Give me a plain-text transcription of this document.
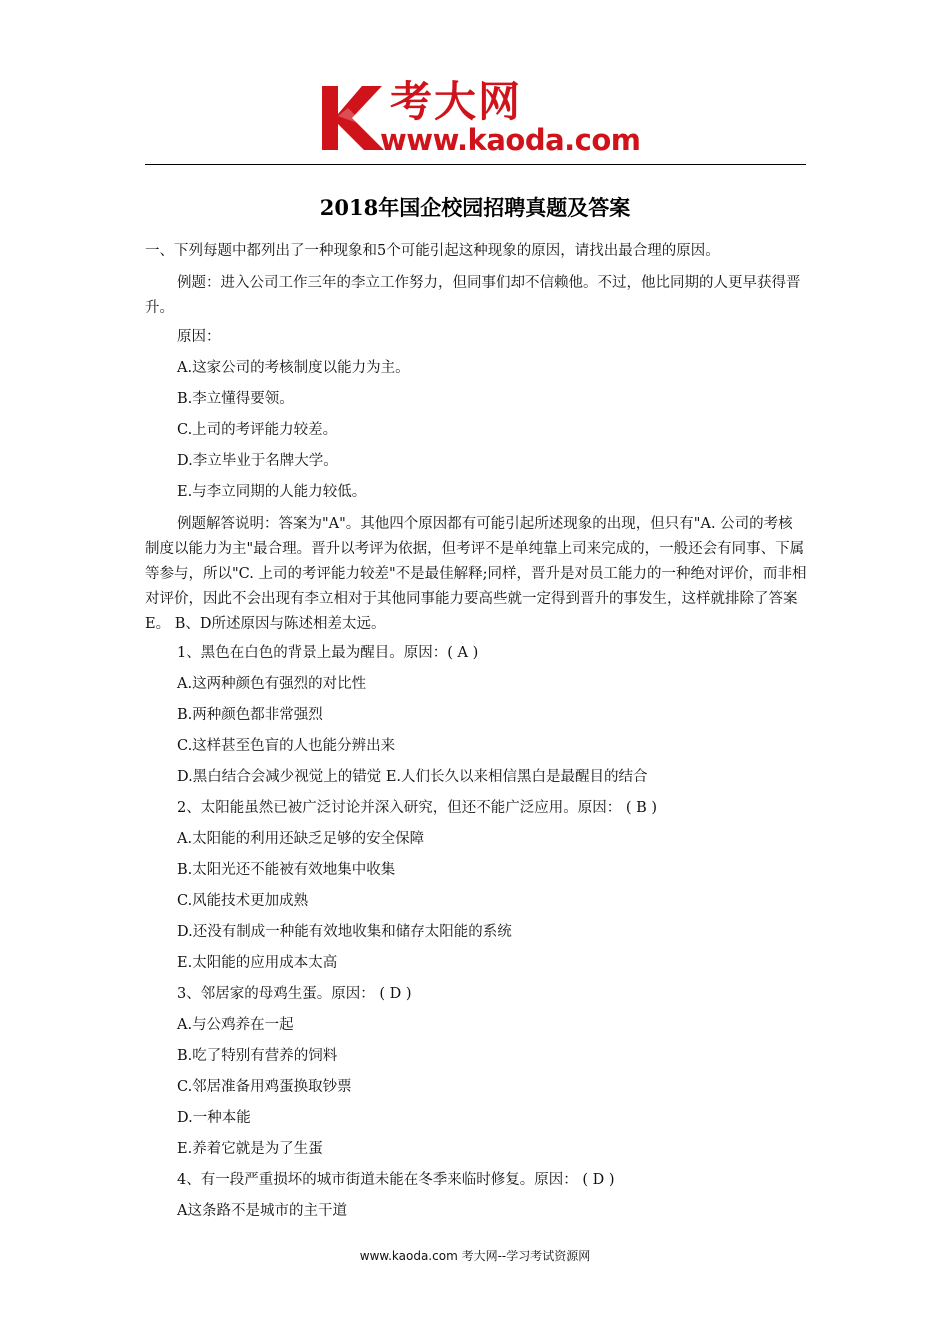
考大网
www.kaoda.com
2018年国企校园招聘真题及答案

一、下列每题中都列出了一种现象和5个可能引起这种现象的原因，请找出最合理的原因。

例题：进入公司工作三年的李立工作努力，但同事们却不信赖他。不过，他比同期的人更早获得晋升。

原因：

A.这家公司的考核制度以能力为主。

B.李立懂得要领。

C.上司的考评能力较差。

D.李立毕业于名牌大学。

E.与李立同期的人能力较低。

例题解答说明：答案为"A"。其他四个原因都有可能引起所述现象的出现，但只有"A. 公司的考核制度以能力为主"最合理。晋升以考评为依据，但考评不是单纯靠上司来完成的，一般还会有同事、下属等参与，所以"C. 上司的考评能力较差"不是最佳解释;同样，晋升是对员工能力的一种绝对评价，而非相对评价，因此不会出现有李立相对于其他同事能力要高些就一定得到晋升的事发生，这样就排除了答案E。 B、D所述原因与陈述相差太远。

1、黑色在白色的背景上最为醒目。原因：( A )

A.这两种颜色有强烈的对比性

B.两种颜色都非常强烈

C.这样甚至色盲的人也能分辨出来

D.黑白结合会减少视觉上的错觉 E.人们长久以来相信黑白是最醒目的结合

2、太阳能虽然已被广泛讨论并深入研究，但还不能广泛应用。原因： ( B )

A.太阳能的利用还缺乏足够的安全保障

B.太阳光还不能被有效地集中收集

C.风能技术更加成熟

D.还没有制成一种能有效地收集和储存太阳能的系统

E.太阳能的应用成本太高

3、邻居家的母鸡生蛋。原因： ( D )

A.与公鸡养在一起

B.吃了特别有营养的饲料

C.邻居准备用鸡蛋换取钞票

D.一种本能

E.养着它就是为了生蛋

4、有一段严重损坏的城市街道未能在冬季来临时修复。原因： ( D )

A这条路不是城市的主干道

www.kaoda.com 考大网--学习考试资源网
